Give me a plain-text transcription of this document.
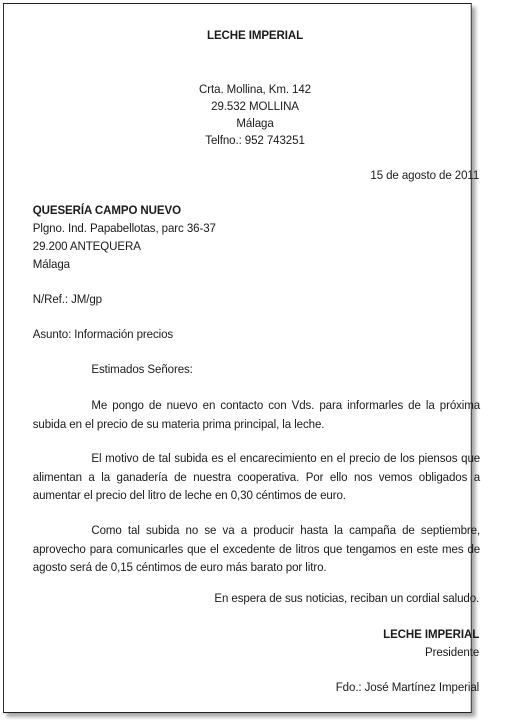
LECHE IMPERIAL
Crta. Mollina, Km. 142
29.532 MOLLINA
Málaga
Telfno.: 952 743251
15 de agosto de 2011
QUESERÍA CAMPO NUEVO
Plgno. Ind. Papabellotas, parc 36-37
29.200 ANTEQUERA
Málaga
N/Ref.: JM/gp
Asunto: Información precios
Estimados Señores:
Me pongo de nuevo en contacto con Vds. para informarles de la próxima subida en el precio de su materia prima principal, la leche.
El motivo de tal subida es el encarecimiento en el precio de los piensos que alimentan a la ganadería de nuestra cooperativa. Por ello nos vemos obligados a aumentar el precio del litro de leche en 0,30 céntimos de euro.
Como tal subida no se va a producir hasta la campaña de septiembre, aprovecho para comunicarles que el excedente de litros que tengamos en este mes de agosto será de 0,15 céntimos de euro más barato por litro.
En espera de sus noticias, reciban un cordial saludo.
LECHE IMPERIAL
Presidente
Fdo.: José Martínez Imperial
